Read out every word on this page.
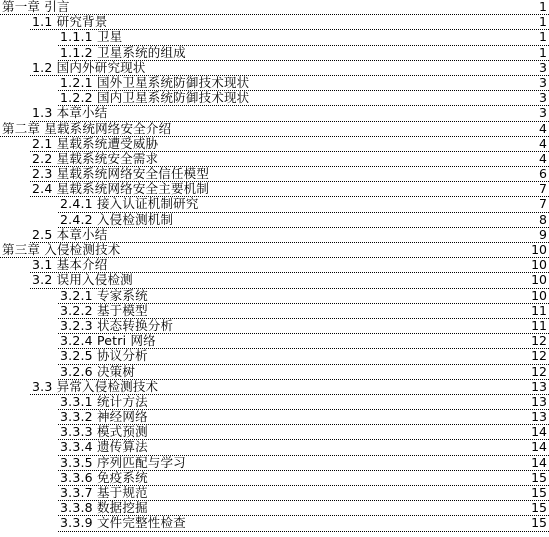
第一章 引言	1
1.1 研究背景	1
1.1.1 卫星	1
1.1.2 卫星系统的组成	1
1.2 国内外研究现状	3
1.2.1 国外卫星系统防御技术现状	3
1.2.2 国内卫星系统防御技术现状	3
1.3 本章小结	3
第二章 星载系统网络安全介绍	4
2.1 星载系统遭受威胁	4
2.2 星载系统安全需求	4
2.3 星载系统网络安全信任模型	6
2.4 星载系统网络安全主要机制	7
2.4.1 接入认证机制研究	7
2.4.2 入侵检测机制	8
2.5 本章小结	9
第三章 入侵检测技术	10
3.1 基本介绍	10
3.2 误用入侵检测	10
3.2.1 专家系统	10
3.2.2 基于模型	11
3.2.3 状态转换分析	11
3.2.4 Petri 网络	12
3.2.5 协议分析	12
3.2.6 决策树	12
3.3 异常入侵检测技术	13
3.3.1 统计方法	13
3.3.2 神经网络	13
3.3.3 模式预测	14
3.3.4 遗传算法	14
3.3.5 序列匹配与学习	14
3.3.6 免疫系统	15
3.3.7 基于规范	15
3.3.8 数据挖掘	15
3.3.9 文件完整性检查	15
